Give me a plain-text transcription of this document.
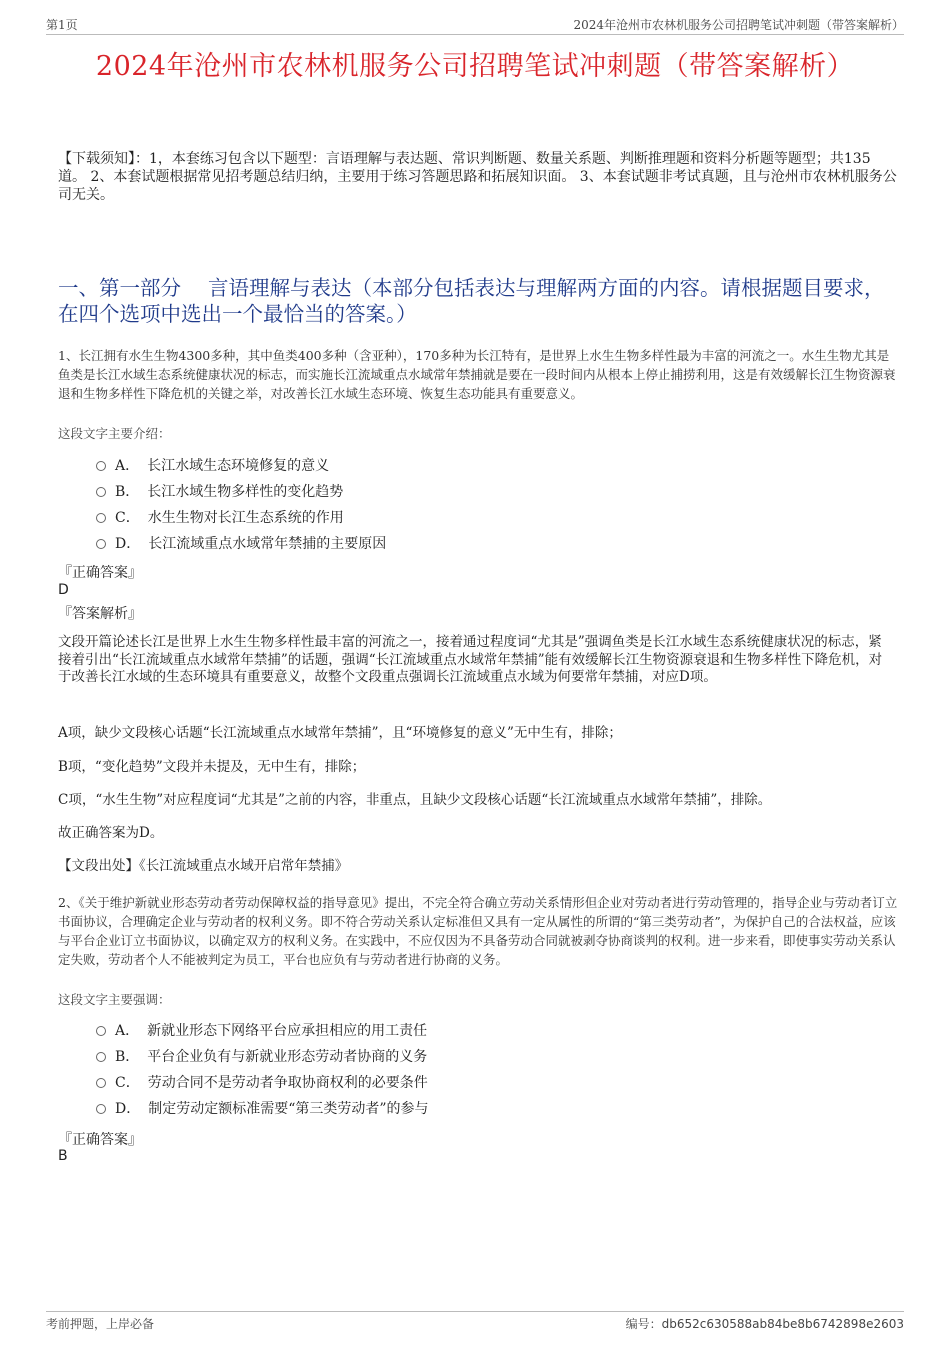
第1页	2024年沧州市农林机服务公司招聘笔试冲刺题（带答案解析）
2024年沧州市农林机服务公司招聘笔试冲刺题（带答案解析）
【下载须知】：1，本套练习包含以下题型：言语理解与表达题、常识判断题、数量关系题、判断推理题和资料分析题等题型；共135道。 2、本套试题根据常见招考题总结归纳，主要用于练习答题思路和拓展知识面。 3、本套试题非考试真题，且与沧州市农林机服务公司无关。
一、第一部分　 言语理解与表达（本部分包括表达与理解两方面的内容。请根据题目要求，在四个选项中选出一个最恰当的答案。）
1、长江拥有水生生物4300多种，其中鱼类400多种（含亚种），170多种为长江特有，是世界上水生生物多样性最为丰富的河流之一。水生生物尤其是鱼类是长江水域生态系统健康状况的标志，而实施长江流域重点水域常年禁捕就是要在一段时间内从根本上停止捕捞利用，这是有效缓解长江生物资源衰退和生物多样性下降危机的关键之举，对改善长江水域生态环境、恢复生态功能具有重要意义。
这段文字主要介绍：
A． 长江水域生态环境修复的意义
B． 长江水域生物多样性的变化趋势
C． 水生生物对长江生态系统的作用
D． 长江流域重点水域常年禁捕的主要原因
『正确答案』
D
『答案解析』
文段开篇论述长江是世界上水生生物多样性最丰富的河流之一，接着通过程度词“尤其是”强调鱼类是长江水域生态系统健康状况的标志，紧接着引出“长江流域重点水域常年禁捕”的话题，强调“长江流域重点水域常年禁捕”能有效缓解长江生物资源衰退和生物多样性下降危机，对于改善长江水域的生态环境具有重要意义，故整个文段重点强调长江流域重点水域为何要常年禁捕，对应D项。
A项，缺少文段核心话题“长江流域重点水域常年禁捕”，且“环境修复的意义”无中生有，排除；
B项，“变化趋势”文段并未提及，无中生有，排除；
C项，“水生生物”对应程度词“尤其是”之前的内容，非重点，且缺少文段核心话题“长江流域重点水域常年禁捕”，排除。
故正确答案为D。
【文段出处】《长江流域重点水域开启常年禁捕》
2、《关于维护新就业形态劳动者劳动保障权益的指导意见》提出，不完全符合确立劳动关系情形但企业对劳动者进行劳动管理的，指导企业与劳动者订立书面协议，合理确定企业与劳动者的权利义务。即不符合劳动关系认定标准但又具有一定从属性的所谓的“第三类劳动者”，为保护自己的合法权益，应该与平台企业订立书面协议，以确定双方的权利义务。在实践中，不应仅因为不具备劳动合同就被剥夺协商谈判的权利。进一步来看，即使事实劳动关系认定失败，劳动者个人不能被判定为员工，平台也应负有与劳动者进行协商的义务。
这段文字主要强调：
A． 新就业形态下网络平台应承担相应的用工责任
B． 平台企业负有与新就业形态劳动者协商的义务
C． 劳动合同不是劳动者争取协商权利的必要条件
D． 制定劳动定额标准需要“第三类劳动者”的参与
『正确答案』
B
考前押题，上岸必备	编号：db652c630588ab84be8b6742898e2603
